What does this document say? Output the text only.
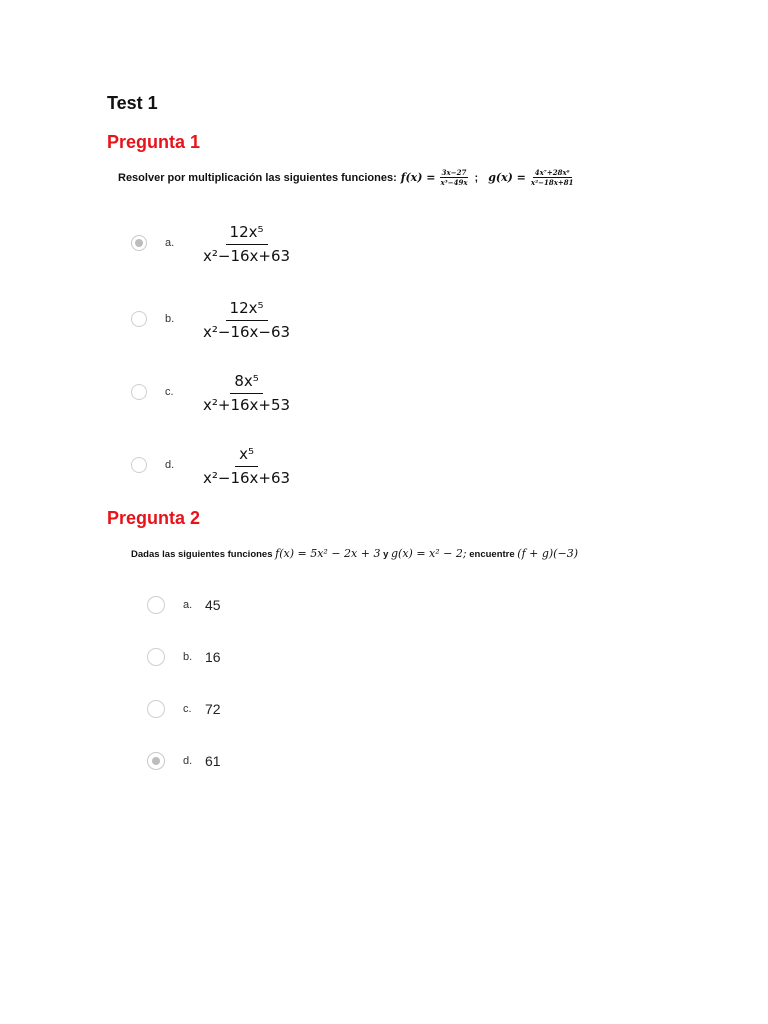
Test 1
Pregunta 1
Resolver por multiplicación las siguientes funciones: $f(x) = \frac{3x-27}{\text{x³−49x}}$ ; $g(x) = \frac{\text{4x⁷+28x⁶}}{\text{x²−18x+81}}$
a.	$\frac{\text{12x⁵}}{\text{x²−16x+63}}$
b.	$\frac{\text{12x⁵}}{\text{x²−16x−63}}$
c.	$\frac{\text{8x⁵}}{\text{x²+16x+53}}$
d.	$\frac{\text{x⁵}}{\text{x²−16x+63}}$
Pregunta 2
Dadas las siguientes funciones f(x) = 5x² − 2x + 3 y g(x) = x² − 2; encuentre (f + g)(−3)
a. 45
b. 16
c. 72
d. 61
